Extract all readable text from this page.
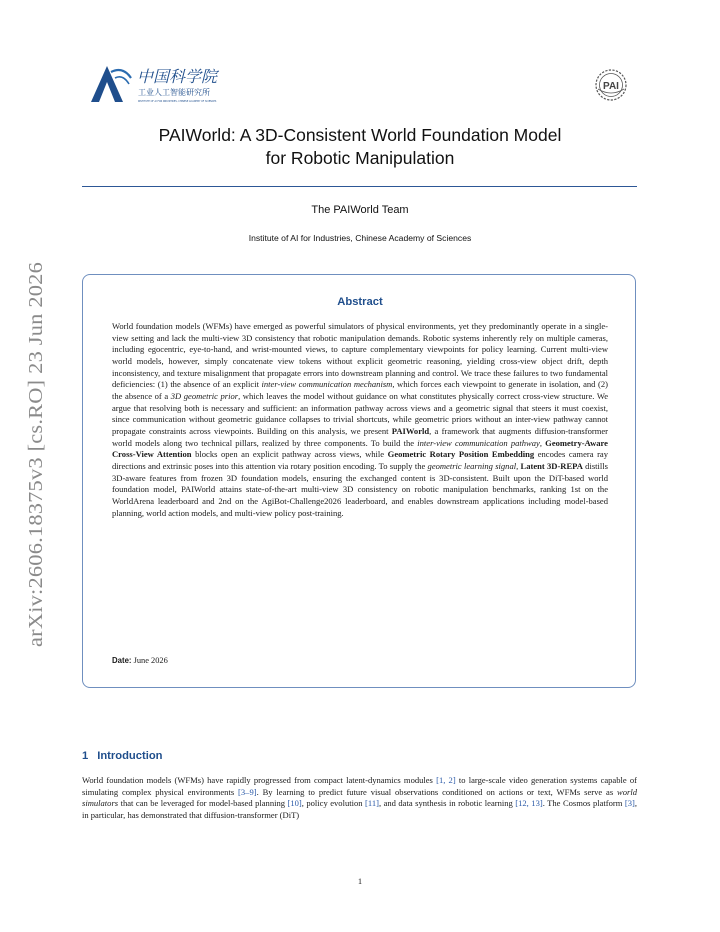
arXiv:2606.18375v3 [cs.RO] 23 Jun 2026
中国科学院
工业人工智能研究所
INSTITUTE OF AI FOR INDUSTRIES, CHINESE ACADEMY OF SCIENCES
PAI
PAIWorld: A 3D-Consistent World Foundation Model
for Robotic Manipulation
The PAIWorld Team
Institute of AI for Industries, Chinese Academy of Sciences
Abstract
World foundation models (WFMs) have emerged as powerful simulators of physical environments, yet they predominantly operate in a single-view setting and lack the multi-view 3D consistency that robotic manipulation demands. Robotic systems inherently rely on multiple cameras, including egocentric, eye-to-hand, and wrist-mounted views, to capture complementary viewpoints for policy learning. Current multi-view world models, however, simply concatenate view tokens without explicit geometric reasoning, yielding cross-view object drift, depth inconsistency, and texture misalignment that propagate errors into downstream planning and control. We trace these failures to two fundamental deficiencies: (1) the absence of an explicit inter-view communication mechanism, which forces each viewpoint to generate in isolation, and (2) the absence of a 3D geometric prior, which leaves the model without guidance on what constitutes physically correct cross-view structure. We argue that resolving both is necessary and sufficient: an information pathway across views and a geometric signal that steers it must coexist, since communication without geometric guidance collapses to trivial shortcuts, while geometric priors without an inter-view pathway cannot propagate constraints across viewpoints. Building on this analysis, we present PAIWorld, a framework that augments diffusion-transformer world models along two technical pillars, realized by three components. To build the inter-view communication pathway, Geometry-Aware Cross-View Attention blocks open an explicit pathway across views, while Geometric Rotary Position Embedding encodes camera ray directions and extrinsic poses into this attention via rotary position encoding. To supply the geometric learning signal, Latent 3D-REPA distills 3D-aware features from frozen 3D foundation models, ensuring the exchanged content is 3D-consistent. Built upon the DiT-based world foundation model, PAIWorld attains state-of-the-art multi-view 3D consistency on robotic manipulation benchmarks, ranking 1st on the WorldArena leaderboard and 2nd on the AgiBot-Challenge2026 leaderboard, and enables downstream applications including model-based planning, world action models, and multi-view policy post-training.
Date: June 2026
1 Introduction
World foundation models (WFMs) have rapidly progressed from compact latent-dynamics modules [1, 2] to large-scale video generation systems capable of simulating complex physical environments [3–9]. By learning to predict future visual observations conditioned on actions or text, WFMs serve as world simulators that can be leveraged for model-based planning [10], policy evolution [11], and data synthesis in robotic learning [12, 13]. The Cosmos platform [3], in particular, has demonstrated that diffusion-transformer (DiT)
1
